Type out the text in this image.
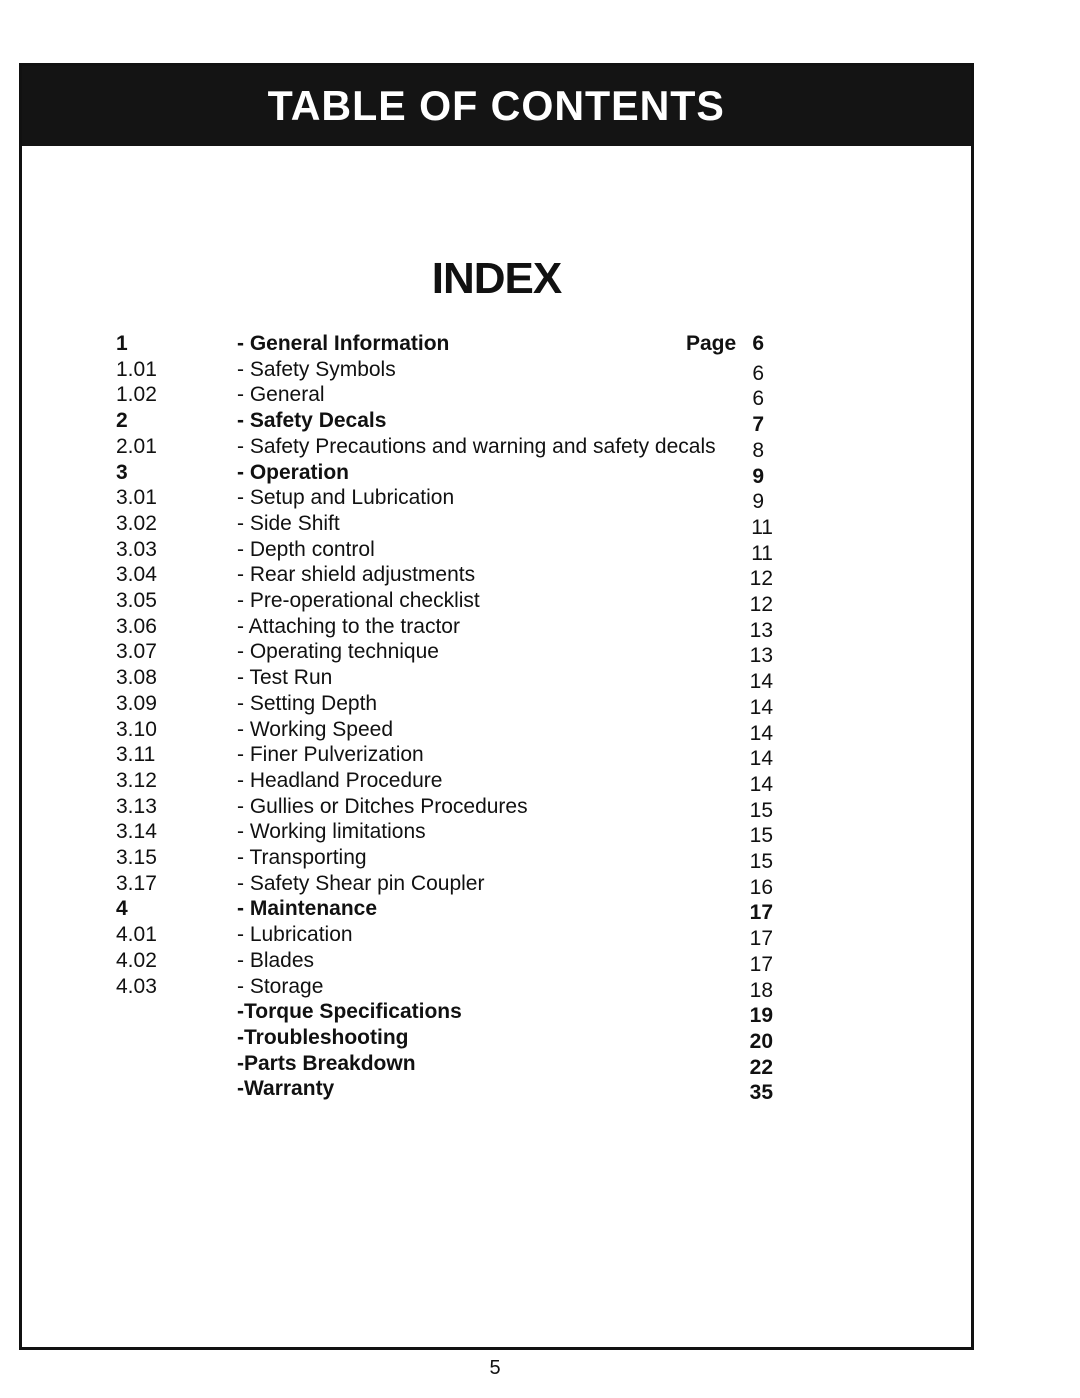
TABLE OF CONTENTS
INDEX
1	- General Information	Page 6
1.01	- Safety Symbols	6
1.02	- General	6
2	- Safety Decals	7
2.01	- Safety Precautions and warning and safety decals 8
3	- Operation	9
3.01	- Setup and Lubrication	9
3.02	- Side Shift	11
3.03	- Depth control	11
3.04	- Rear shield adjustments	12
3.05	- Pre-operational checklist	12
3.06	- Attaching to the tractor	13
3.07	- Operating technique	13
3.08	- Test Run	14
3.09	- Setting Depth	14
3.10	- Working Speed	14
3.11	- Finer Pulverization	14
3.12	- Headland Procedure	14
3.13	- Gullies or Ditches Procedures	15
3.14	- Working limitations	15
3.15	- Transporting	15
3.17	- Safety Shear pin Coupler	16
4	- Maintenance	17
4.01	- Lubrication	17
4.02	- Blades	17
4.03	- Storage	18
-Torque Specifications	19
-Troubleshooting	20
-Parts Breakdown	22
-Warranty	35
5
